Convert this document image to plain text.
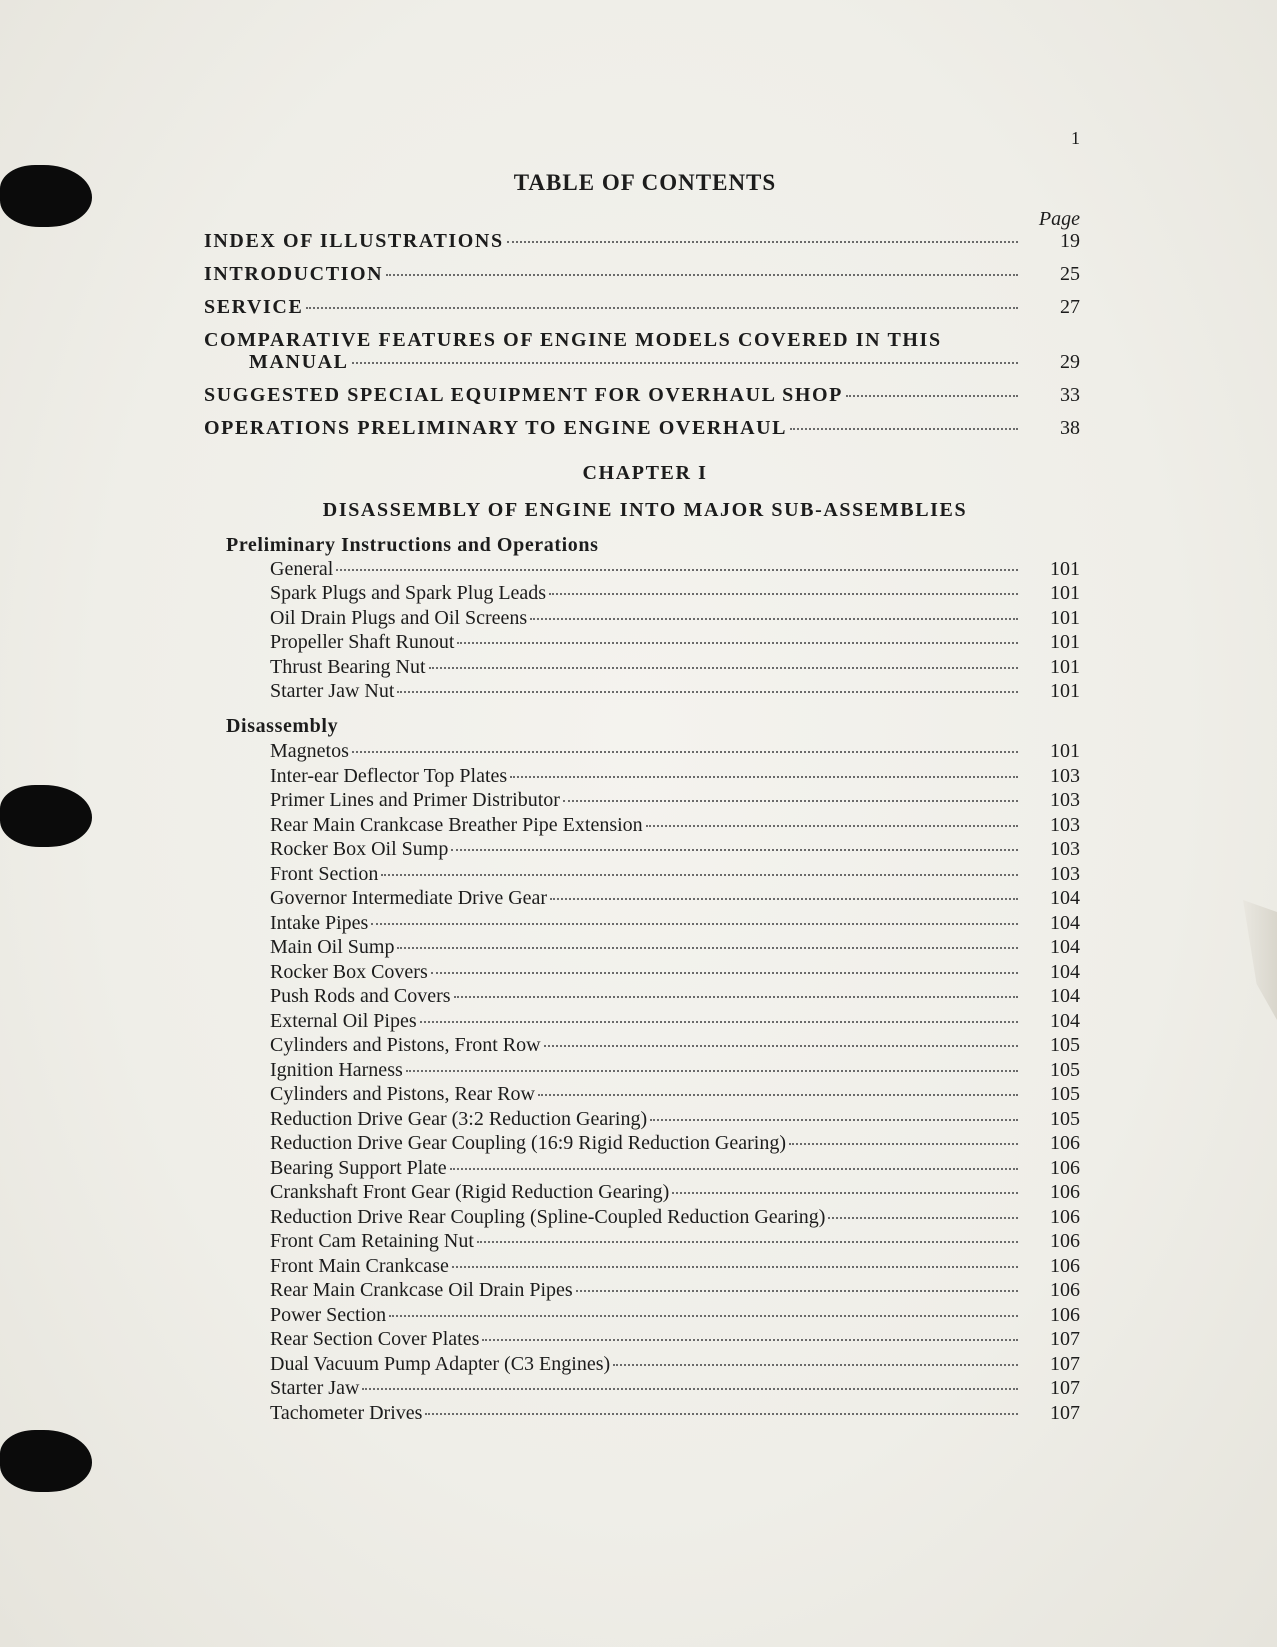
1
TABLE OF CONTENTS
Page
INDEX OF ILLUSTRATIONS	19
INTRODUCTION	25
SERVICE	27
COMPARATIVE FEATURES OF ENGINE MODELS COVERED IN THIS
MANUAL	29
SUGGESTED SPECIAL EQUIPMENT FOR OVERHAUL SHOP	33
OPERATIONS PRELIMINARY TO ENGINE OVERHAUL	38
CHAPTER I
DISASSEMBLY OF ENGINE INTO MAJOR SUB-ASSEMBLIES
Preliminary Instructions and Operations
General	101
Spark Plugs and Spark Plug Leads	101
Oil Drain Plugs and Oil Screens	101
Propeller Shaft Runout	101
Thrust Bearing Nut	101
Starter Jaw Nut	101
Disassembly
Magnetos	101
Inter-ear Deflector Top Plates	103
Primer Lines and Primer Distributor	103
Rear Main Crankcase Breather Pipe Extension	103
Rocker Box Oil Sump	103
Front Section	103
Governor Intermediate Drive Gear	104
Intake Pipes	104
Main Oil Sump	104
Rocker Box Covers	104
Push Rods and Covers	104
External Oil Pipes	104
Cylinders and Pistons, Front Row	105
Ignition Harness	105
Cylinders and Pistons, Rear Row	105
Reduction Drive Gear (3:2 Reduction Gearing)	105
Reduction Drive Gear Coupling (16:9 Rigid Reduction Gearing)	106
Bearing Support Plate	106
Crankshaft Front Gear (Rigid Reduction Gearing)	106
Reduction Drive Rear Coupling (Spline-Coupled Reduction Gearing)	106
Front Cam Retaining Nut	106
Front Main Crankcase	106
Rear Main Crankcase Oil Drain Pipes	106
Power Section	106
Rear Section Cover Plates	107
Dual Vacuum Pump Adapter (C3 Engines)	107
Starter Jaw	107
Tachometer Drives	107
